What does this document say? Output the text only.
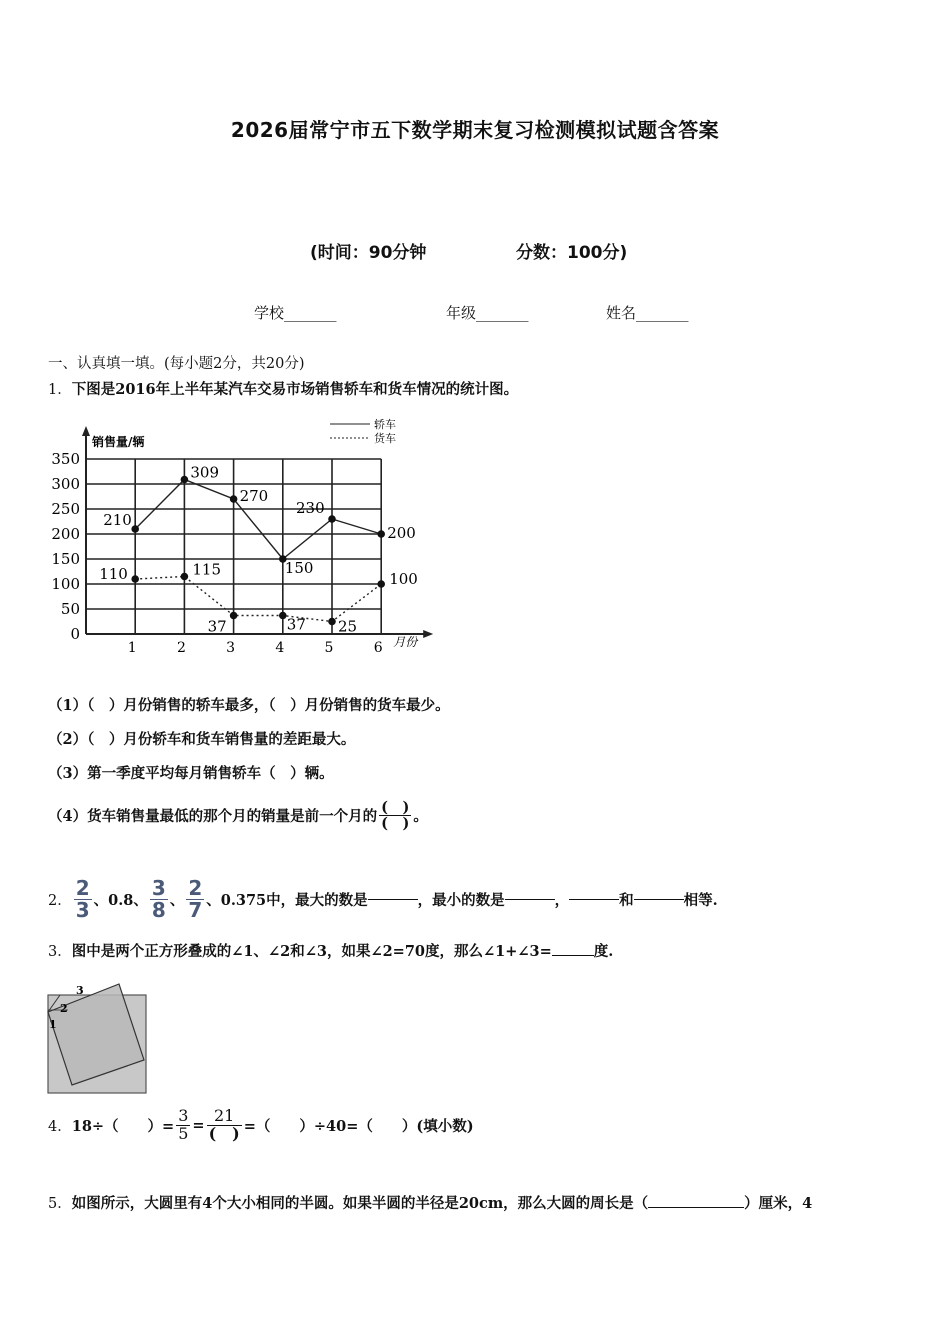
2026届常宁市五下数学期末复习检测模拟试题含答案
(时间：90分钟	分数：100分)
学校_______	年级_______	姓名_______
一、认真填一填。(每小题2分，共20分)
1．下图是2016年上半年某汽车交易市场销售轿车和货车情况的统计图。
0
50
100
150
200
250
300
350
1	2	3	4	5	6
销售量/辆
月份
210
309
270
150
230
200
110	115
37	37 25
100
轿车
货车
（1）（　）月份销售的轿车最多，（　）月份销售的货车最少。
（2）（　）月份轿车和货车销售量的差距最大。
（3）第一季度平均每月销售轿车（　）辆。
（4）货车销售量最低的那个月的销量是前一个月的 $\frac{( )}{( )}$ 。
2． $\frac{2}{3}$ 、0.8、 $\frac{3}{8}$ 、 $\frac{2}{7}$ 、0.375中，最大的数是	，最小的数是	，	和	相等.
3．图中是两个正方形叠成的∠1、∠2和∠3，如果∠2=70度，那么∠1+∠3=	度.
1
2
3
4． 18÷（　　）= $\frac{3}{5} = \frac{21}{( )}$ =（　　）÷40=（　　）(填小数)
5．如图所示，大圆里有4个大小相同的半圆。如果半圆的半径是20cm，那么大圆的周长是（	）厘米，4
